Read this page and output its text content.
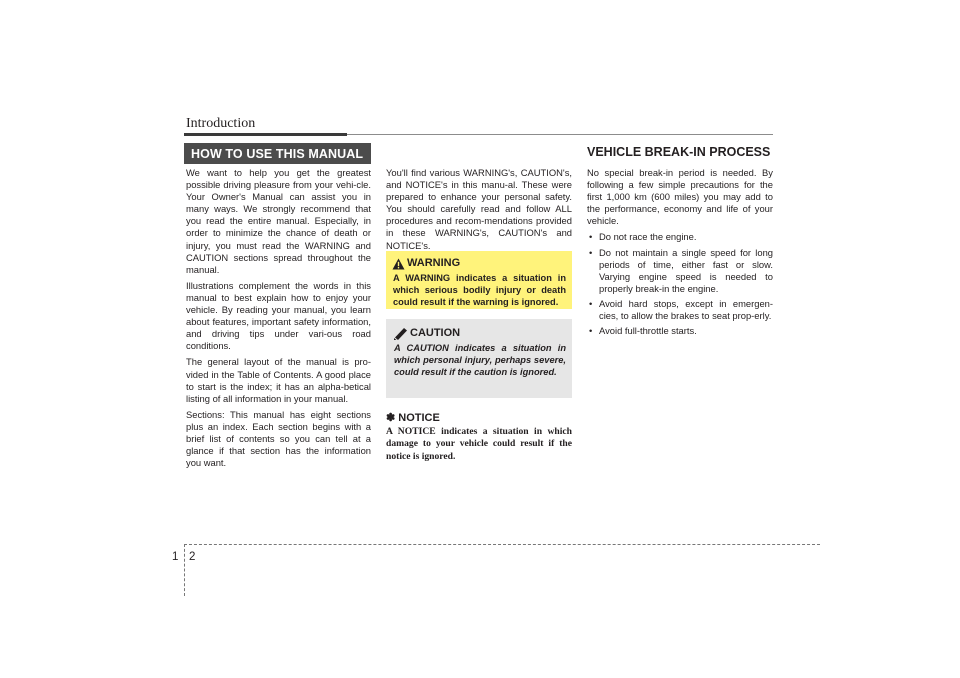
Introduction
HOW TO USE THIS MANUAL

We want to help you get the greatest possible driving pleasure from your vehi-cle. Your Owner's Manual can assist you in many ways. We strongly recommend that you read the entire manual. Especially, in order to minimize the chance of death or injury, you must read the WARNING and CAUTION sections spread throughout the manual.

Illustrations complement the words in this manual to best explain how to enjoy your vehicle. By reading your manual, you learn about features, important safety information, and driving tips under vari-ous road conditions.

The general layout of the manual is pro-vided in the Table of Contents. A good place to start is the index; it has an alpha-betical listing of all information in your manual.

Sections: This manual has eight sections plus an index. Each section begins with a brief list of contents so you can tell at a glance if that section has the information you want.

You'll find various WARNING's, CAUTION's, and NOTICE's in this manu-al. These were prepared to enhance your personal safety. You should carefully read and follow ALL procedures and recom-mendations provided in these WARNING's, CAUTION's and NOTICE's.

WARNING
A WARNING indicates a situation in which serious bodily injury or death could result if the warning is ignored.
CAUTION
A CAUTION indicates a situation in which personal injury, perhaps severe, could result if the caution is ignored.
✽ NOTICE
A NOTICE indicates a situation in which damage to your vehicle could result if the notice is ignored.
VEHICLE BREAK-IN PROCESS

No special break-in period is needed. By following a few simple precautions for the first 1,000 km (600 miles) you may add to the performance, economy and life of your vehicle.

• Do not race the engine.
• Do not maintain a single speed for long periods of time, either fast or slow. Varying engine speed is needed to properly break-in the engine.
• Avoid hard stops, except in emergen-cies, to allow the brakes to seat prop-erly.
• Avoid full-throttle starts.
1 2
